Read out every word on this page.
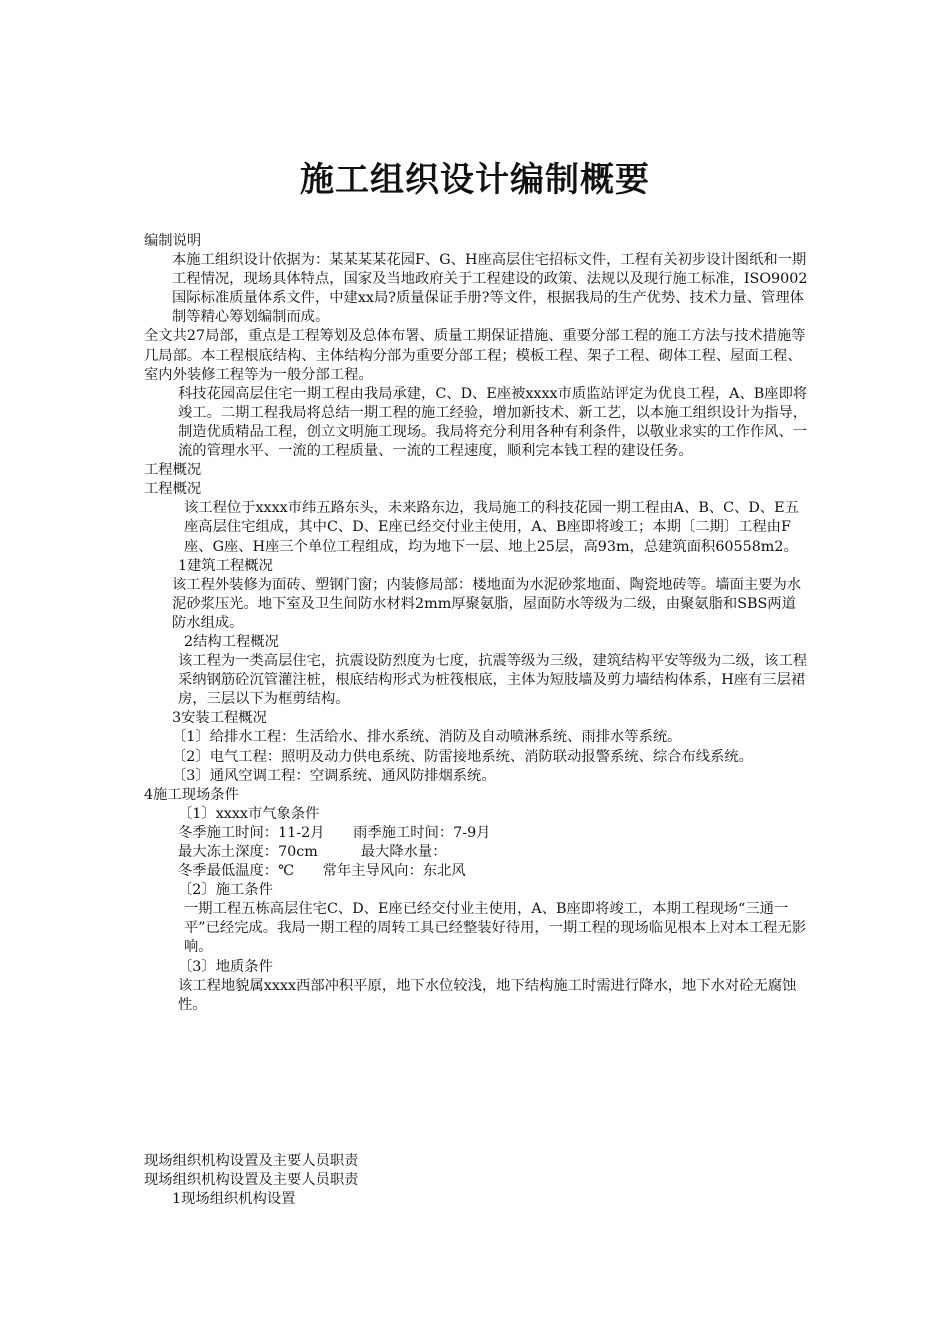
施工组织设计编制概要

编制说明

本施工组织设计依据为：某某某某花园F、G、H座高层住宅招标文件，工程有关初步设计图纸和一期工程情况，现场具体特点，国家及当地政府关于工程建设的政策、法规以及现行施工标准，ISO9002国际标准质量体系文件，中建xx局?质量保证手册?等文件，根据我局的生产优势、技术力量、管理体制等精心筹划编制而成。

全文共27局部，重点是工程筹划及总体布署、质量工期保证措施、重要分部工程的施工方法与技术措施等几局部。本工程根底结构、主体结构分部为重要分部工程；模板工程、架子工程、砌体工程、屋面工程、室内外装修工程等为一般分部工程。

科技花园高层住宅一期工程由我局承建，C、D、E座被xxxx市质监站评定为优良工程，A、B座即将竣工。二期工程我局将总结一期工程的施工经验，增加新技术、新工艺，以本施工组织设计为指导，制造优质精品工程，创立文明施工现场。我局将充分利用各种有利条件，以敬业求实的工作作风、一流的管理水平、一流的工程质量、一流的工程速度，顺利完本钱工程的建设任务。

工程概况

工程概况

该工程位于xxxx市纬五路东头，未来路东边，我局施工的科技花园一期工程由A、B、C、D、E五座高层住宅组成，其中C、D、E座已经交付业主使用，A、B座即将竣工；本期〔二期〕工程由F座、G座、H座三个单位工程组成，均为地下一层、地上25层，高93m，总建筑面积60558m2。

1建筑工程概况

该工程外装修为面砖、塑钢门窗；内装修局部：楼地面为水泥砂浆地面、陶瓷地砖等。墙面主要为水泥砂浆压光。地下室及卫生间防水材料2mm厚聚氨脂，屋面防水等级为二级，由聚氨脂和SBS两道防水组成。

2结构工程概况

该工程为一类高层住宅，抗震设防烈度为七度，抗震等级为三级，建筑结构平安等级为二级，该工程采纳钢筋砼沉管灌注桩，根底结构形式为桩筏根底，主体为短肢墙及剪力墙结构体系，H座有三层裙房，三层以下为框剪结构。

3安装工程概况

〔1〕给排水工程：生活给水、排水系统、消防及自动喷淋系统、雨排水等系统。

〔2〕电气工程：照明及动力供电系统、防雷接地系统、消防联动报警系统、综合布线系统。

〔3〕通风空调工程：空调系统、通风防排烟系统。

4施工现场条件

〔1〕xxxx市气象条件

冬季施工时间：11-2月　　雨季施工时间：7-9月

最大冻土深度：70cm　　　最大降水量：

冬季最低温度：℃　　常年主导风向：东北风

〔2〕施工条件

一期工程五栋高层住宅C、D、E座已经交付业主使用，A、B座即将竣工，本期工程现场“三通一平”已经完成。我局一期工程的周转工具已经整装好待用，一期工程的现场临见根本上对本工程无影响。

〔3〕地质条件

该工程地貌属xxxx西部冲积平原，地下水位较浅，地下结构施工时需进行降水，地下水对砼无腐蚀性。

现场组织机构设置及主要人员职责

现场组织机构设置及主要人员职责

1现场组织机构设置
